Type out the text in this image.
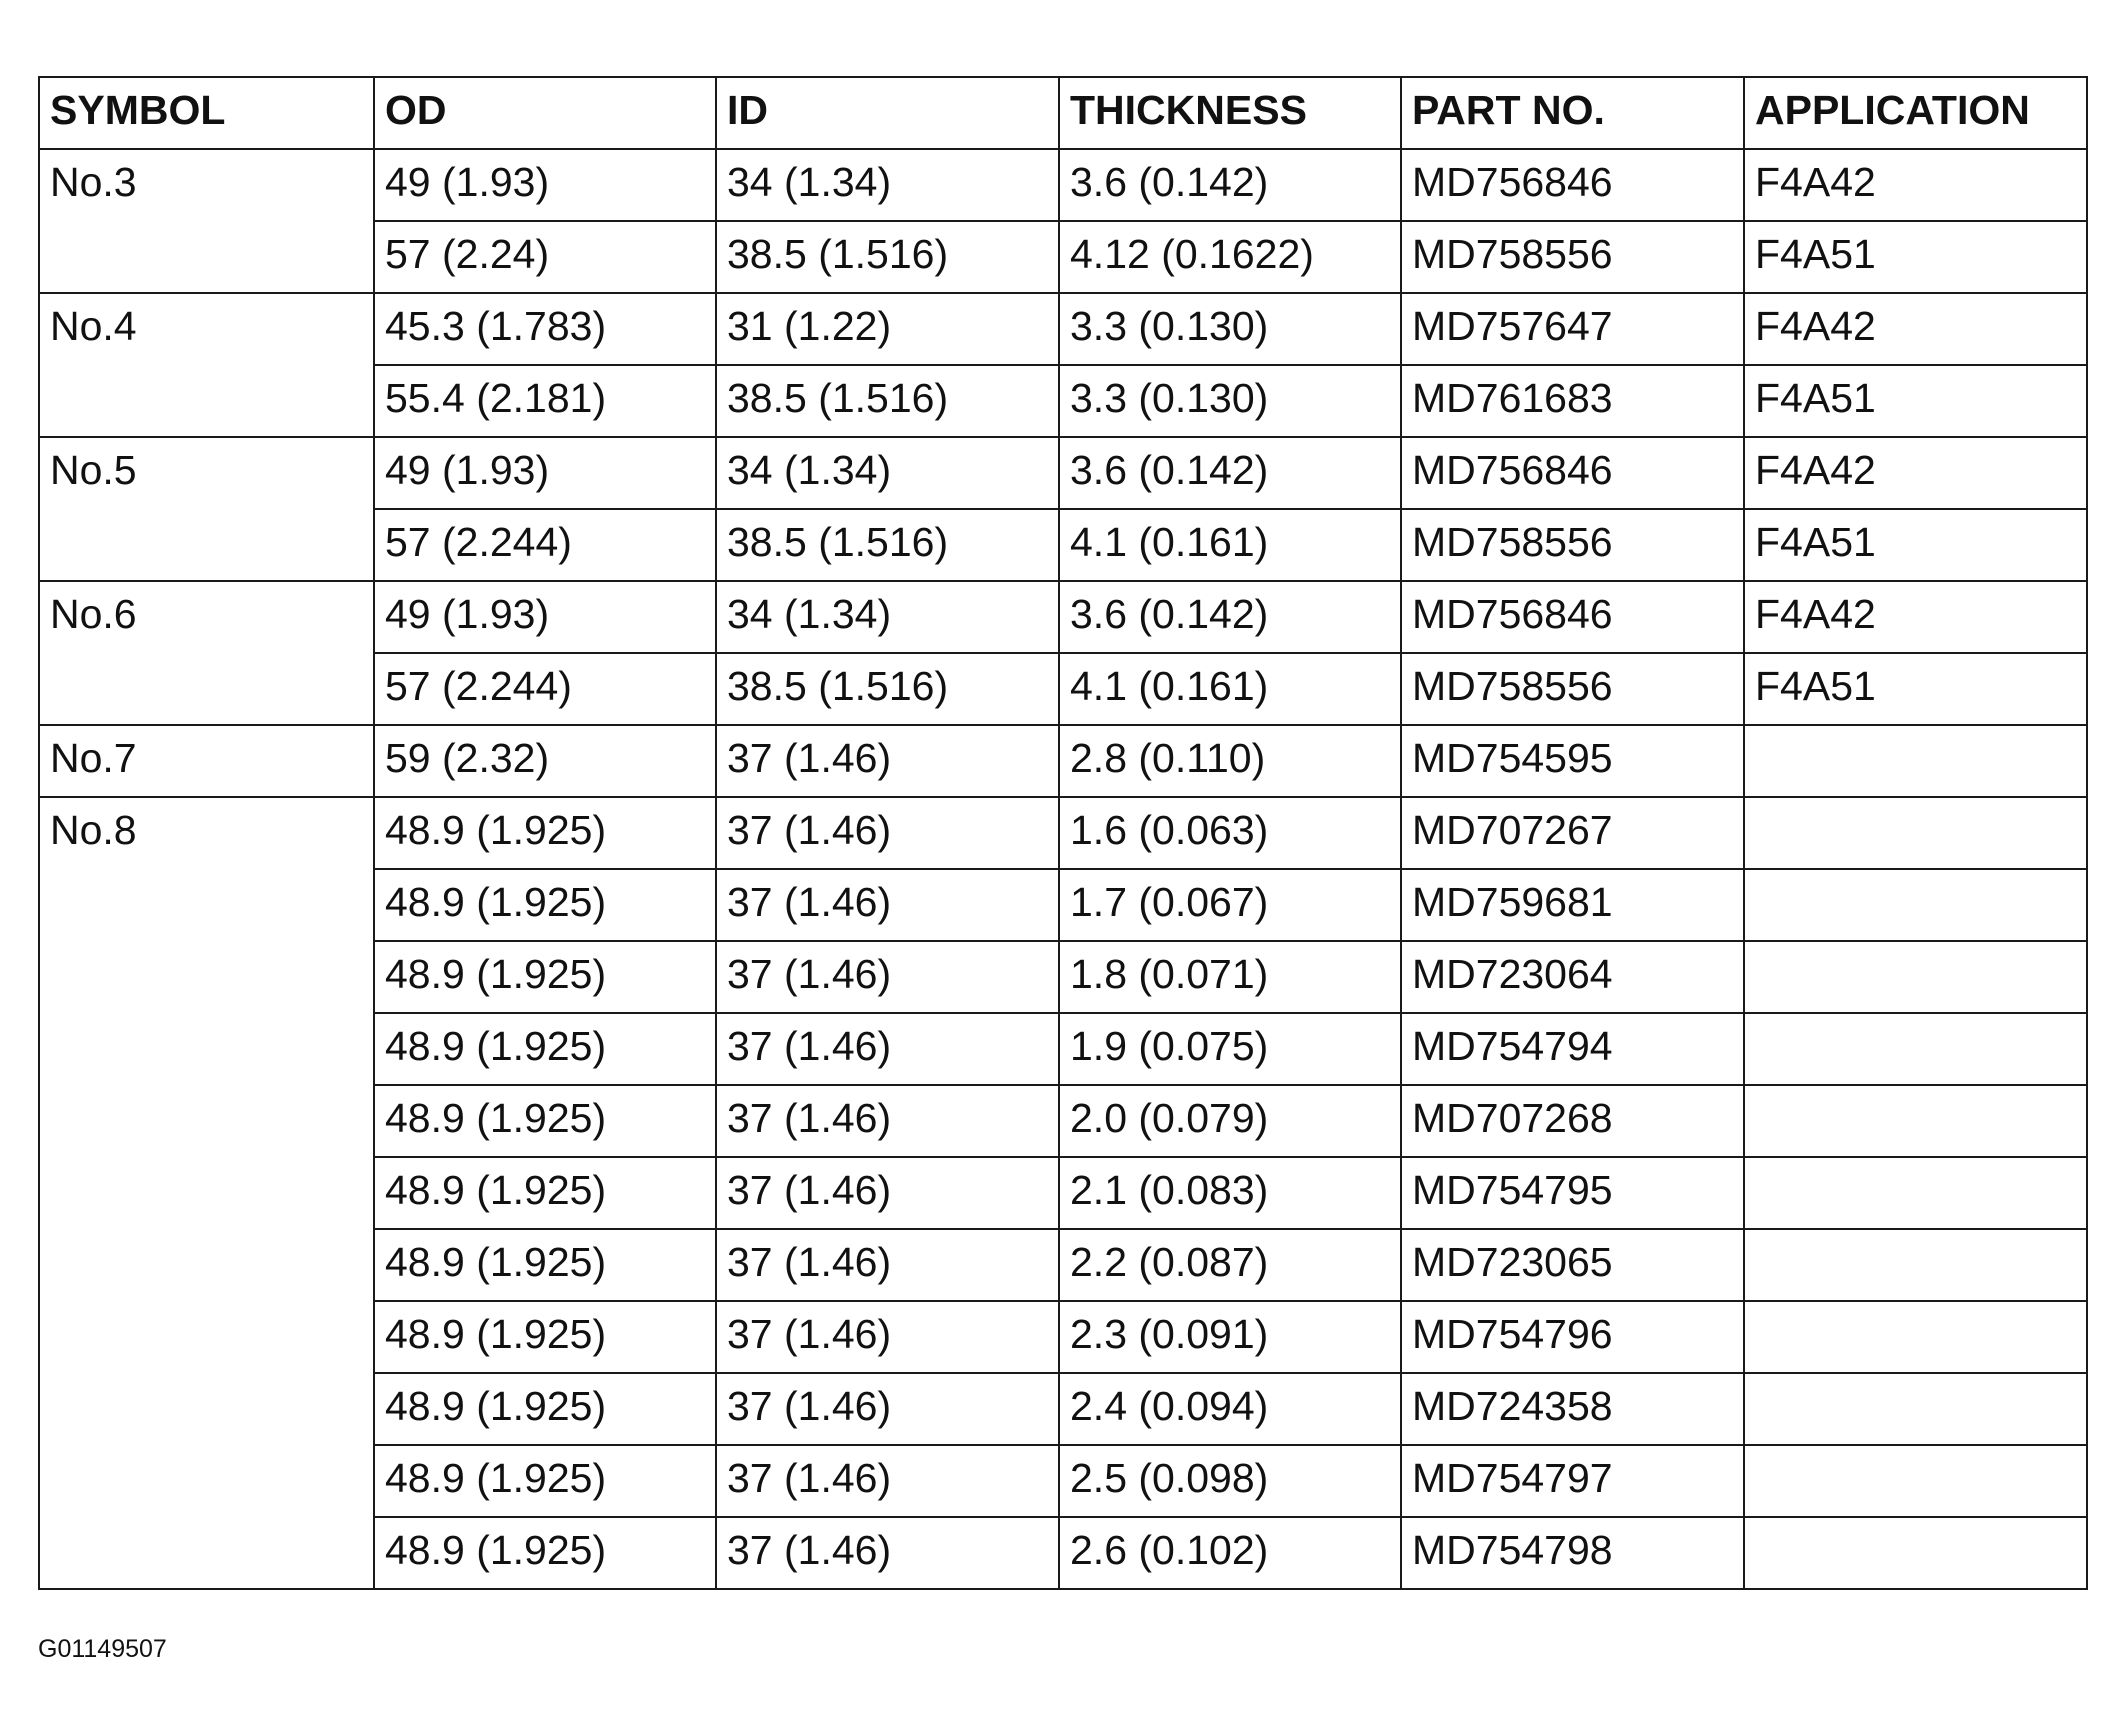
SYMBOL	OD	ID	THICKNESS	PART NO.	APPLICATION
No.3	49 (1.93)	34 (1.34)	3.6 (0.142)	MD756846	F4A42
	57 (2.24)	38.5 (1.516)	4.12 (0.1622)	MD758556	F4A51
No.4	45.3 (1.783)	31 (1.22)	3.3 (0.130)	MD757647	F4A42
	55.4 (2.181)	38.5 (1.516)	3.3 (0.130)	MD761683	F4A51
No.5	49 (1.93)	34 (1.34)	3.6 (0.142)	MD756846	F4A42
	57 (2.244)	38.5 (1.516)	4.1 (0.161)	MD758556	F4A51
No.6	49 (1.93)	34 (1.34)	3.6 (0.142)	MD756846	F4A42
	57 (2.244)	38.5 (1.516)	4.1 (0.161)	MD758556	F4A51
No.7	59 (2.32)	37 (1.46)	2.8 (0.110)	MD754595	
No.8	48.9 (1.925)	37 (1.46)	1.6 (0.063)	MD707267	
	48.9 (1.925)	37 (1.46)	1.7 (0.067)	MD759681	
	48.9 (1.925)	37 (1.46)	1.8 (0.071)	MD723064	
	48.9 (1.925)	37 (1.46)	1.9 (0.075)	MD754794	
	48.9 (1.925)	37 (1.46)	2.0 (0.079)	MD707268	
	48.9 (1.925)	37 (1.46)	2.1 (0.083)	MD754795	
	48.9 (1.925)	37 (1.46)	2.2 (0.087)	MD723065	
	48.9 (1.925)	37 (1.46)	2.3 (0.091)	MD754796	
	48.9 (1.925)	37 (1.46)	2.4 (0.094)	MD724358	
	48.9 (1.925)	37 (1.46)	2.5 (0.098)	MD754797	
	48.9 (1.925)	37 (1.46)	2.6 (0.102)	MD754798	
G01149507
